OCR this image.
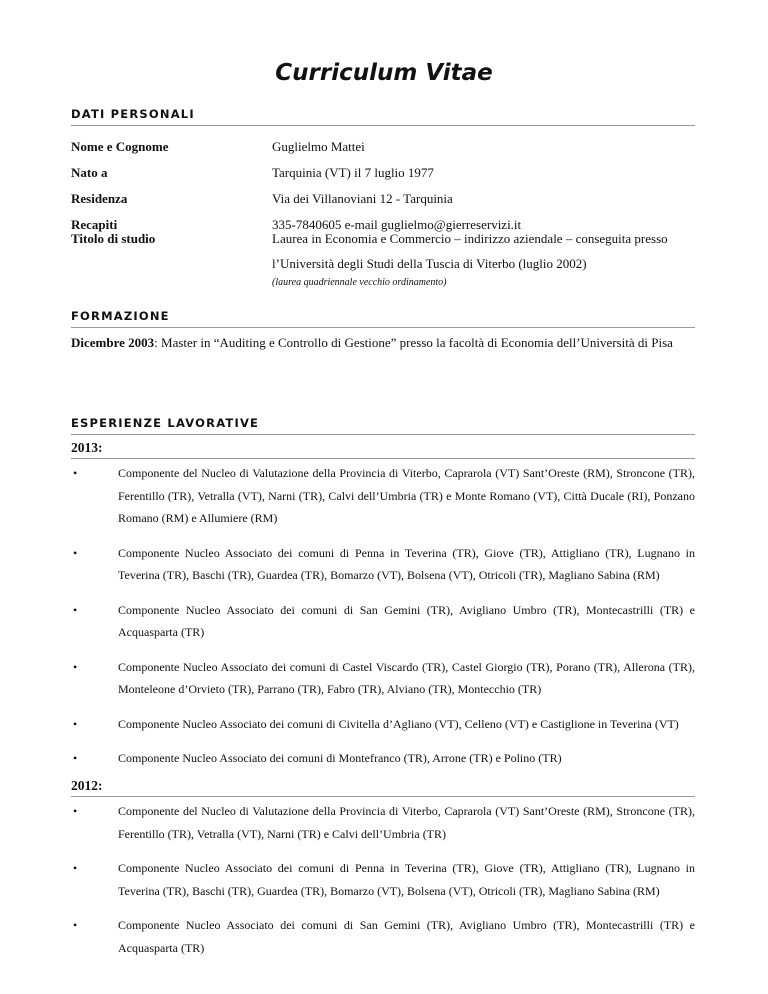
Curriculum Vitae
DATI PERSONALI
Nome e Cognome	Guglielmo Mattei
Nato a	Tarquinia (VT) il 7 luglio 1977
Residenza	Via dei Villanoviani 12 - Tarquinia
Recapiti	335-7840605 e-mail guglielmo@gierreservizi.it
Titolo di studio	Laurea in Economia e Commercio – indirizzo aziendale – conseguita presso l’Università degli Studi della Tuscia di Viterbo (luglio 2002)
(laurea quadriennale vecchio ordinamento)
FORMAZIONE
Dicembre 2003: Master in “Auditing e Controllo di Gestione” presso la facoltà di Economia dell’Università di Pisa
ESPERIENZE LAVORATIVE
2013:
•	Componente del Nucleo di Valutazione della Provincia di Viterbo, Caprarola (VT) Sant’Oreste (RM), Stroncone (TR), Ferentillo (TR), Vetralla (VT), Narni (TR), Calvi dell’Umbria (TR) e Monte Romano (VT), Città Ducale (RI), Ponzano Romano (RM) e Allumiere (RM)
•	Componente Nucleo Associato dei comuni di Penna in Teverina (TR), Giove (TR), Attigliano (TR), Lugnano in Teverina (TR), Baschi (TR), Guardea (TR), Bomarzo (VT), Bolsena (VT), Otricoli (TR), Magliano Sabina (RM)
•	Componente Nucleo Associato dei comuni di San Gemini (TR), Avigliano Umbro (TR), Montecastrilli (TR) e Acquasparta (TR)
•	Componente Nucleo Associato dei comuni di Castel Viscardo (TR), Castel Giorgio (TR), Porano (TR), Allerona (TR), Monteleone d’Orvieto (TR), Parrano (TR), Fabro (TR), Alviano (TR), Montecchio (TR)
•	Componente Nucleo Associato dei comuni di Civitella d’Agliano (VT), Celleno (VT) e Castiglione in Teverina (VT)
•	Componente Nucleo Associato dei comuni di Montefranco (TR), Arrone (TR) e Polino (TR)
2012:
•	Componente del Nucleo di Valutazione della Provincia di Viterbo, Caprarola (VT) Sant’Oreste (RM), Stroncone (TR), Ferentillo (TR), Vetralla (VT), Narni (TR) e Calvi dell’Umbria (TR)
•	Componente Nucleo Associato dei comuni di Penna in Teverina (TR), Giove (TR), Attigliano (TR), Lugnano in Teverina (TR), Baschi (TR), Guardea (TR), Bomarzo (VT), Bolsena (VT), Otricoli (TR), Magliano Sabina (RM)
•	Componente Nucleo Associato dei comuni di San Gemini (TR), Avigliano Umbro (TR), Montecastrilli (TR) e Acquasparta (TR)
